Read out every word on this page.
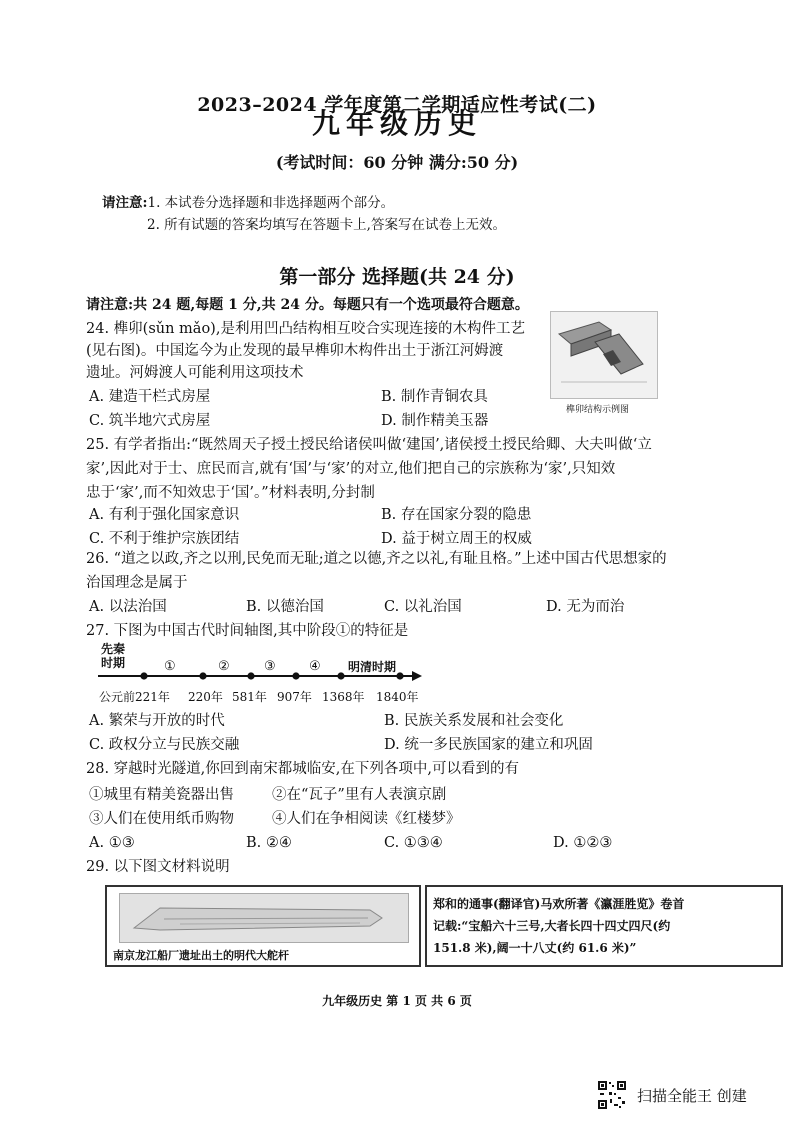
2023–2024 学年度第二学期适应性考试(二)
九年级历史
(考试时间：60 分钟 满分:50 分)
请注意:1. 本试卷分选择题和非选择题两个部分。
2. 所有试题的答案均填写在答题卡上,答案写在试卷上无效。
第一部分 选择题(共 24 分)
请注意:共 24 题,每题 1 分,共 24 分。每题只有一个选项最符合题意。
24. 榫卯(sǔn mǎo),是利用凹凸结构相互咬合实现连接的木构件工艺
(见右图)。中国迄今为止发现的最早榫卯木构件出土于浙江河姆渡
遗址。河姆渡人可能利用这项技术
A. 建造干栏式房屋	B. 制作青铜农具
C. 筑半地穴式房屋	D. 制作精美玉器
榫卯结构示例图
25. 有学者指出:“既然周天子授土授民给诸侯叫做‘建国’,诸侯授土授民给卿、大夫叫做‘立
家’,因此对于士、庶民而言,就有‘国’与‘家’的对立,他们把自己的宗族称为‘家’,只知效
忠于‘家’,而不知效忠于‘国’。”材料表明,分封制
A. 有利于强化国家意识	B. 存在国家分裂的隐患
C. 不利于维护宗族团结	D. 益于树立周王的权威
26. “道之以政,齐之以刑,民免而无耻;道之以德,齐之以礼,有耻且格。”上述中国古代思想家的
治国理念是属于
A. 以法治国	B. 以德治国	C. 以礼治国	D. 无为而治
27. 下图为中国古代时间轴图,其中阶段①的特征是
先秦
时期	①	②	③	④ 明清时期
公元前221年 220年 581年 907年 1368年 1840年
A. 繁荣与开放的时代	B. 民族关系发展和社会变化
C. 政权分立与民族交融	D. 统一多民族国家的建立和巩固
28. 穿越时光隧道,你回到南宋都城临安,在下列各项中,可以看到的有
①城里有精美瓷器出售	②在“瓦子”里有人表演京剧
③人们在使用纸币购物	④人们在争相阅读《红楼梦》
A. ①③	B. ②④	C. ①③④	D. ①②③
29. 以下图文材料说明
南京龙江船厂遗址出土的明代大舵杆
郑和的通事(翻译官)马欢所著《瀛涯胜览》卷首
记载:“宝船六十三号,大者长四十四丈四尺(约
151.8 米),阔一十八丈(约 61.6 米)”
九年级历史 第 1 页 共 6 页
扫描全能王 创建
